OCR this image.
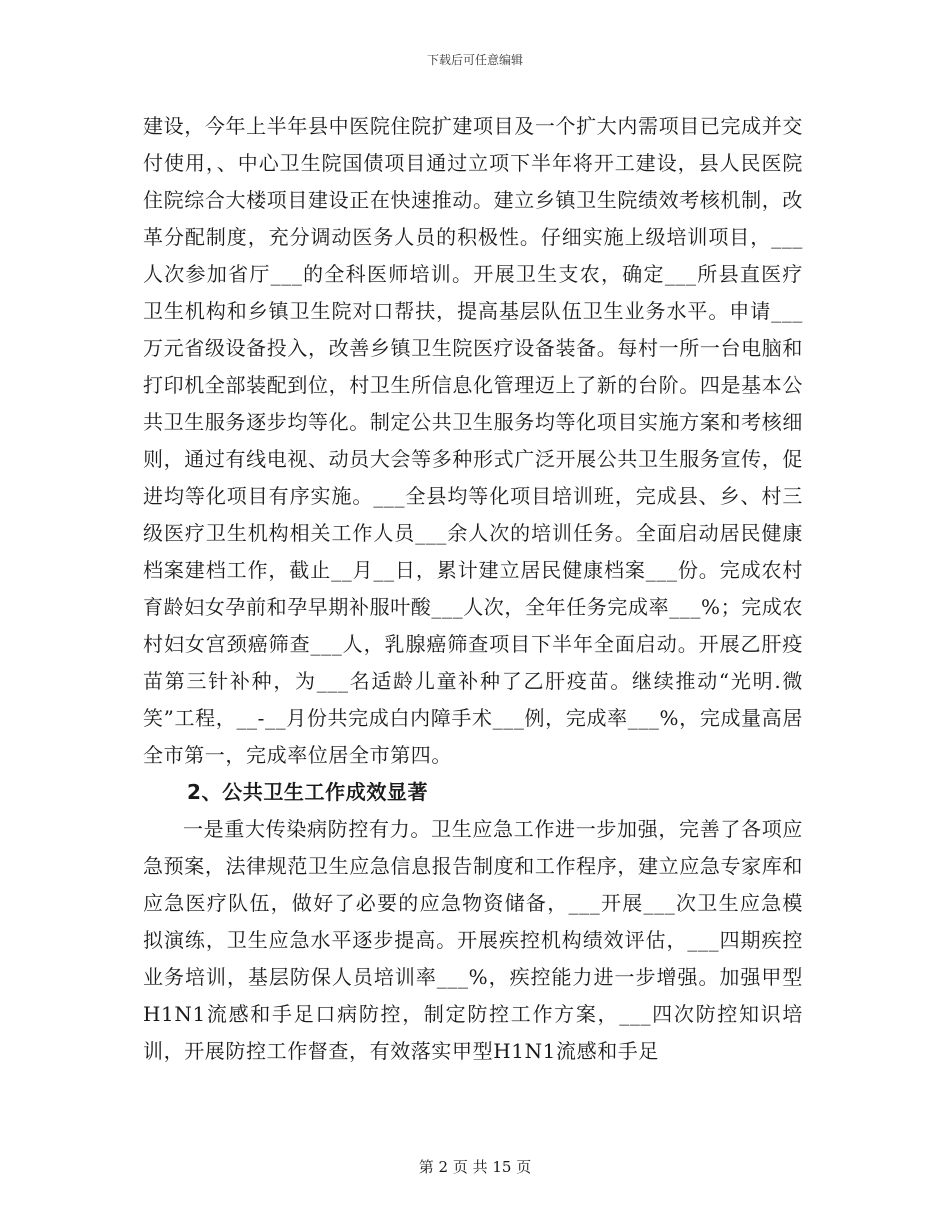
下载后可任意编辑

建设，今年上半年县中医院住院扩建项目及一个扩大内需项目已完成并交付使用，、中心卫生院国债项目通过立项下半年将开工建设，县人民医院住院综合大楼项目建设正在快速推动。建立乡镇卫生院绩效考核机制，改革分配制度，充分调动医务人员的积极性。仔细实施上级培训项目，___人次参加省厅___的全科医师培训。开展卫生支农，确定___所县直医疗卫生机构和乡镇卫生院对口帮扶，提高基层队伍卫生业务水平。申请___万元省级设备投入，改善乡镇卫生院医疗设备装备。每村一所一台电脑和打印机全部装配到位，村卫生所信息化管理迈上了新的台阶。四是基本公共卫生服务逐步均等化。制定公共卫生服务均等化项目实施方案和考核细则，通过有线电视、动员大会等多种形式广泛开展公共卫生服务宣传，促进均等化项目有序实施。___全县均等化项目培训班，完成县、乡、村三级医疗卫生机构相关工作人员___余人次的培训任务。全面启动居民健康档案建档工作，截止__月__日，累计建立居民健康档案___份。完成农村育龄妇女孕前和孕早期补服叶酸___人次，全年任务完成率___%；完成农村妇女宫颈癌筛查___人，乳腺癌筛查项目下半年全面启动。开展乙肝疫苗第三针补种，为___名适龄儿童补种了乙肝疫苗。继续推动“光明.微笑”工程，__-__月份共完成白内障手术___例，完成率___%，完成量高居全市第一，完成率位居全市第四。

2、公共卫生工作成效显著

一是重大传染病防控有力。卫生应急工作进一步加强，完善了各项应急预案，法律规范卫生应急信息报告制度和工作程序，建立应急专家库和应急医疗队伍，做好了必要的应急物资储备，___开展___次卫生应急模拟演练，卫生应急水平逐步提高。开展疾控机构绩效评估，___四期疾控业务培训，基层防保人员培训率___%，疾控能力进一步增强。加强甲型H1N1流感和手足口病防控，制定防控工作方案，___四次防控知识培训，开展防控工作督查，有效落实甲型H1N1流感和手足

第 2 页 共 15 页
